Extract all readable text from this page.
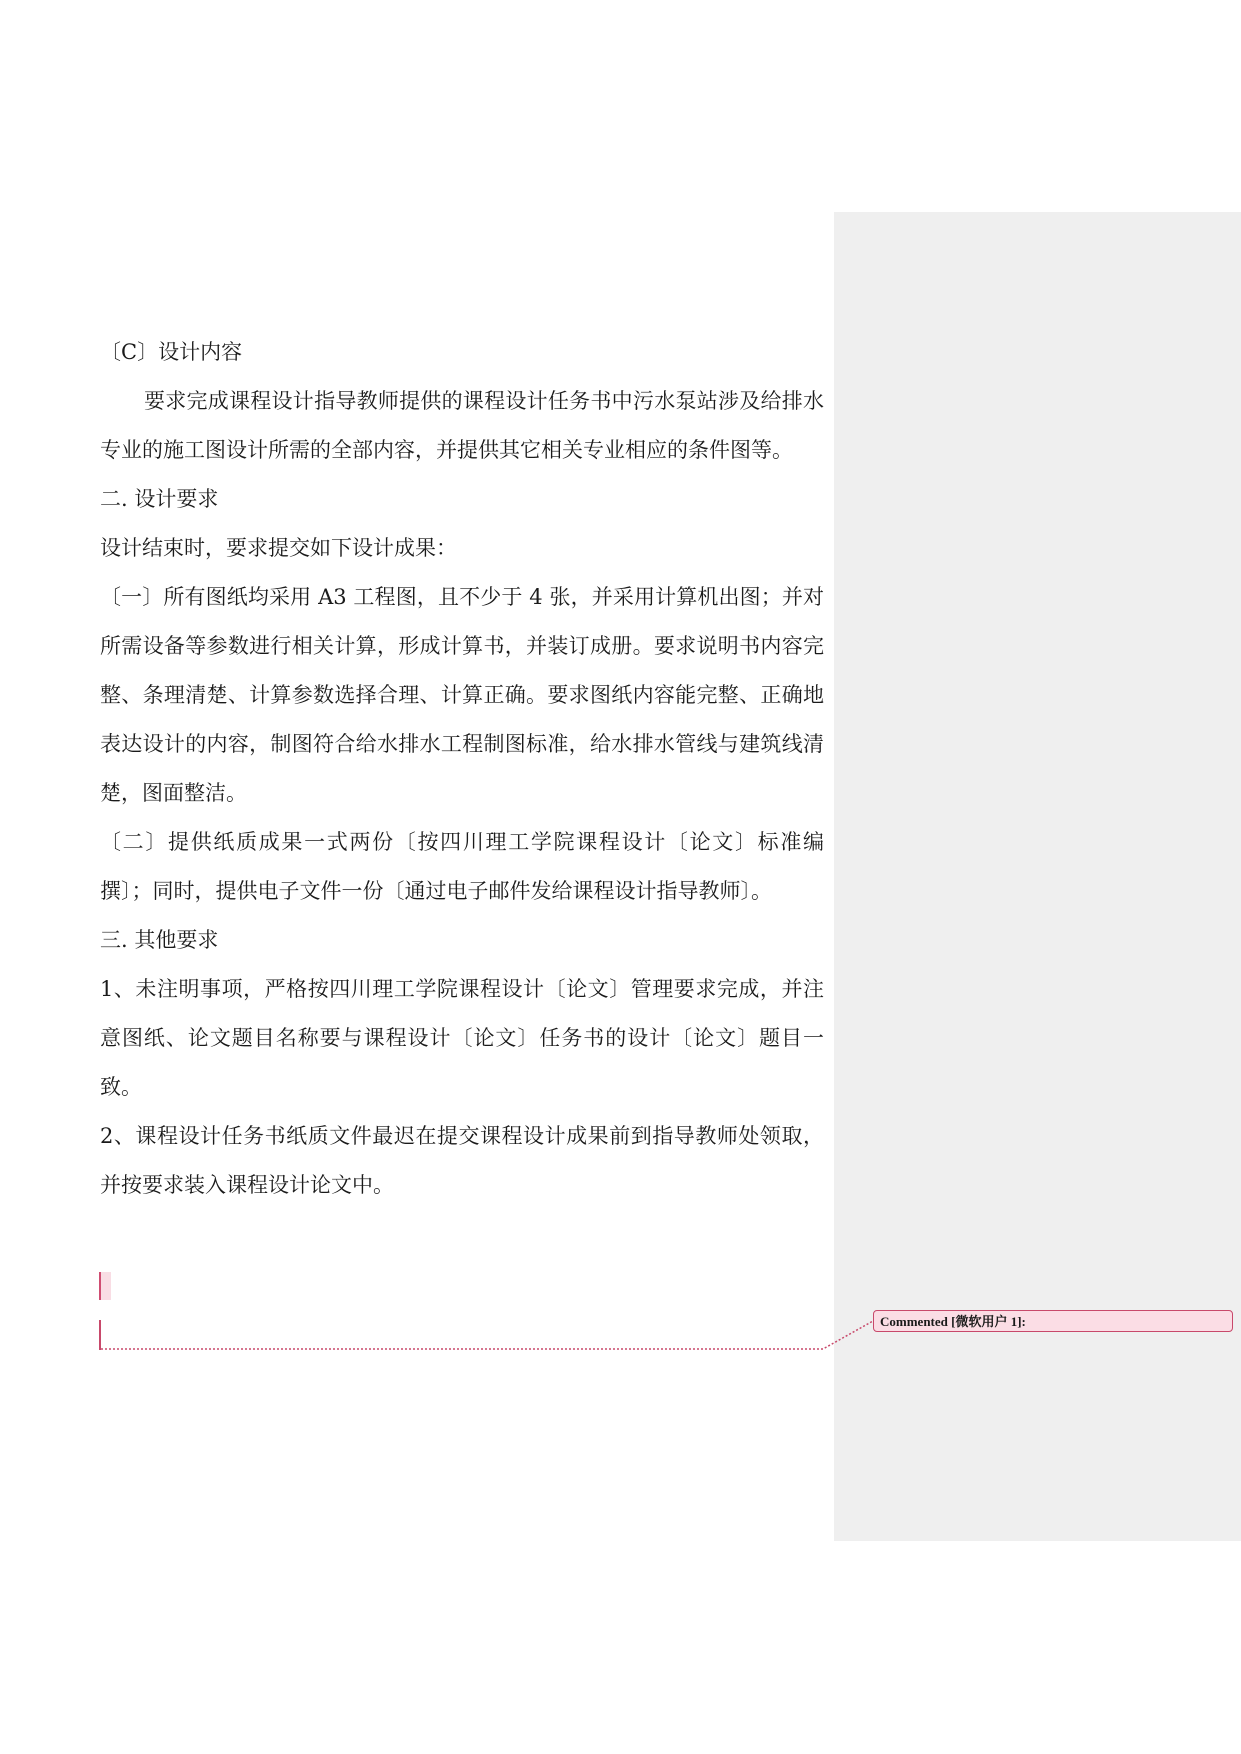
〔C〕设计内容

要求完成课程设计指导教师提供的课程设计任务书中污水泵站涉及给排水专业的施工图设计所需的全部内容，并提供其它相关专业相应的条件图等。

二. 设计要求

设计结束时，要求提交如下设计成果：

〔一〕所有图纸均采用 A3 工程图，且不少于 4 张，并采用计算机出图；并对所需设备等参数进行相关计算，形成计算书，并装订成册。要求说明书内容完整、条理清楚、计算参数选择合理、计算正确。要求图纸内容能完整、正确地表达设计的内容，制图符合给水排水工程制图标准，给水排水管线与建筑线清楚，图面整洁。

〔二〕提供纸质成果一式两份〔按四川理工学院课程设计〔论文〕标准编撰〕；同时，提供电子文件一份〔通过电子邮件发给课程设计指导教师〕。

三. 其他要求

1、未注明事项，严格按四川理工学院课程设计〔论文〕管理要求完成，并注意图纸、论文题目名称要与课程设计〔论文〕任务书的设计〔论文〕题目一致。

2、课程设计任务书纸质文件最迟在提交课程设计成果前到指导教师处领取，并按要求装入课程设计论文中。

Commented [微软用户 1]:
